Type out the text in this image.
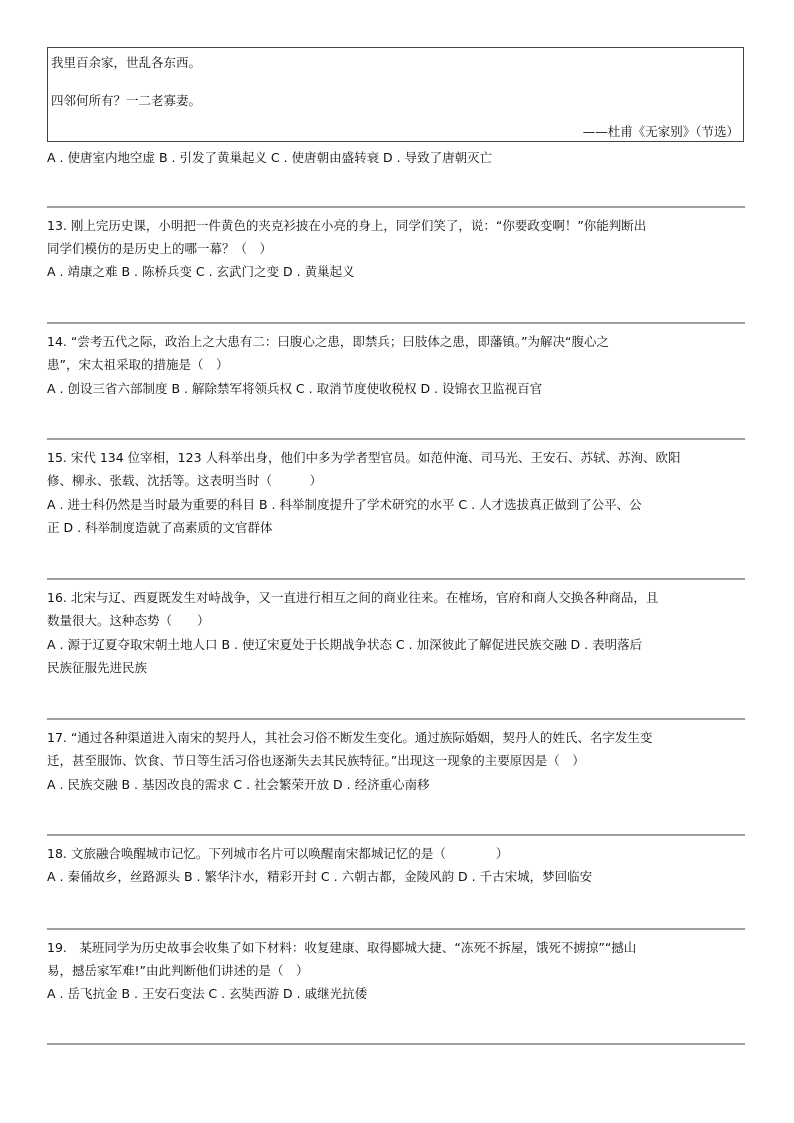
我里百余家，世乱各东西。
四邻何所有？一二老寡妻。
——杜甫《无家别》（节选）
A . 使唐室内地空虚 B . 引发了黄巢起义 C . 使唐朝由盛转衰 D . 导致了唐朝灭亡

13. 刚上完历史课，小明把一件黄色的夹克衫披在小亮的身上，同学们笑了，说：“你要政变啊！”你能判断出

同学们模仿的是历史上的哪一幕？（　）

A . 靖康之难 B . 陈桥兵变 C . 玄武门之变 D . 黄巢起义

14. “尝考五代之际，政治上之大患有二：曰腹心之患，即禁兵；曰肢体之患，即藩镇。”为解决“腹心之

患”，宋太祖采取的措施是（　）

A . 创设三省六部制度 B . 解除禁军将领兵权 C . 取消节度使收税权 D . 设锦衣卫监视百官

15. 宋代 134 位宰相，123 人科举出身，他们中多为学者型官员。如范仲淹、司马光、王安石、苏轼、苏洵、欧阳

修、柳永、张载、沈括等。这表明当时（　　　）

A . 进士科仍然是当时最为重要的科目 B . 科举制度提升了学术研究的水平 C . 人才选拔真正做到了公平、公

正 D . 科举制度造就了高素质的文官群体

16. 北宋与辽、西夏既发生对峙战争，又一直进行相互之间的商业往来。在榷场，官府和商人交换各种商品，且

数量很大。这种态势（　　）

A . 源于辽夏夺取宋朝土地人口 B . 使辽宋夏处于长期战争状态 C . 加深彼此了解促进民族交融 D . 表明落后

民族征服先进民族

17. “通过各种渠道进入南宋的契丹人，其社会习俗不断发生变化。通过族际婚姻，契丹人的姓氏、名字发生变

迁，甚至服饰、饮食、节日等生活习俗也逐渐失去其民族特征。”出现这一现象的主要原因是（　）

A . 民族交融 B . 基因改良的需求 C . 社会繁荣开放 D . 经济重心南移

18. 文旅融合唤醒城市记忆。下列城市名片可以唤醒南宋都城记忆的是（　　　　）

A . 秦俑故乡，丝路源头 B . 繁华汴水，精彩开封 C . 六朝古都，金陵风韵 D . 千古宋城，梦回临安

19.　某班同学为历史故事会收集了如下材料：收复建康、取得郾城大捷、“冻死不拆屋，饿死不掳掠”“撼山

易，撼岳家军难!”由此判断他们讲述的是（　）

A . 岳飞抗金 B . 王安石变法 C . 玄奘西游 D . 戚继光抗倭
